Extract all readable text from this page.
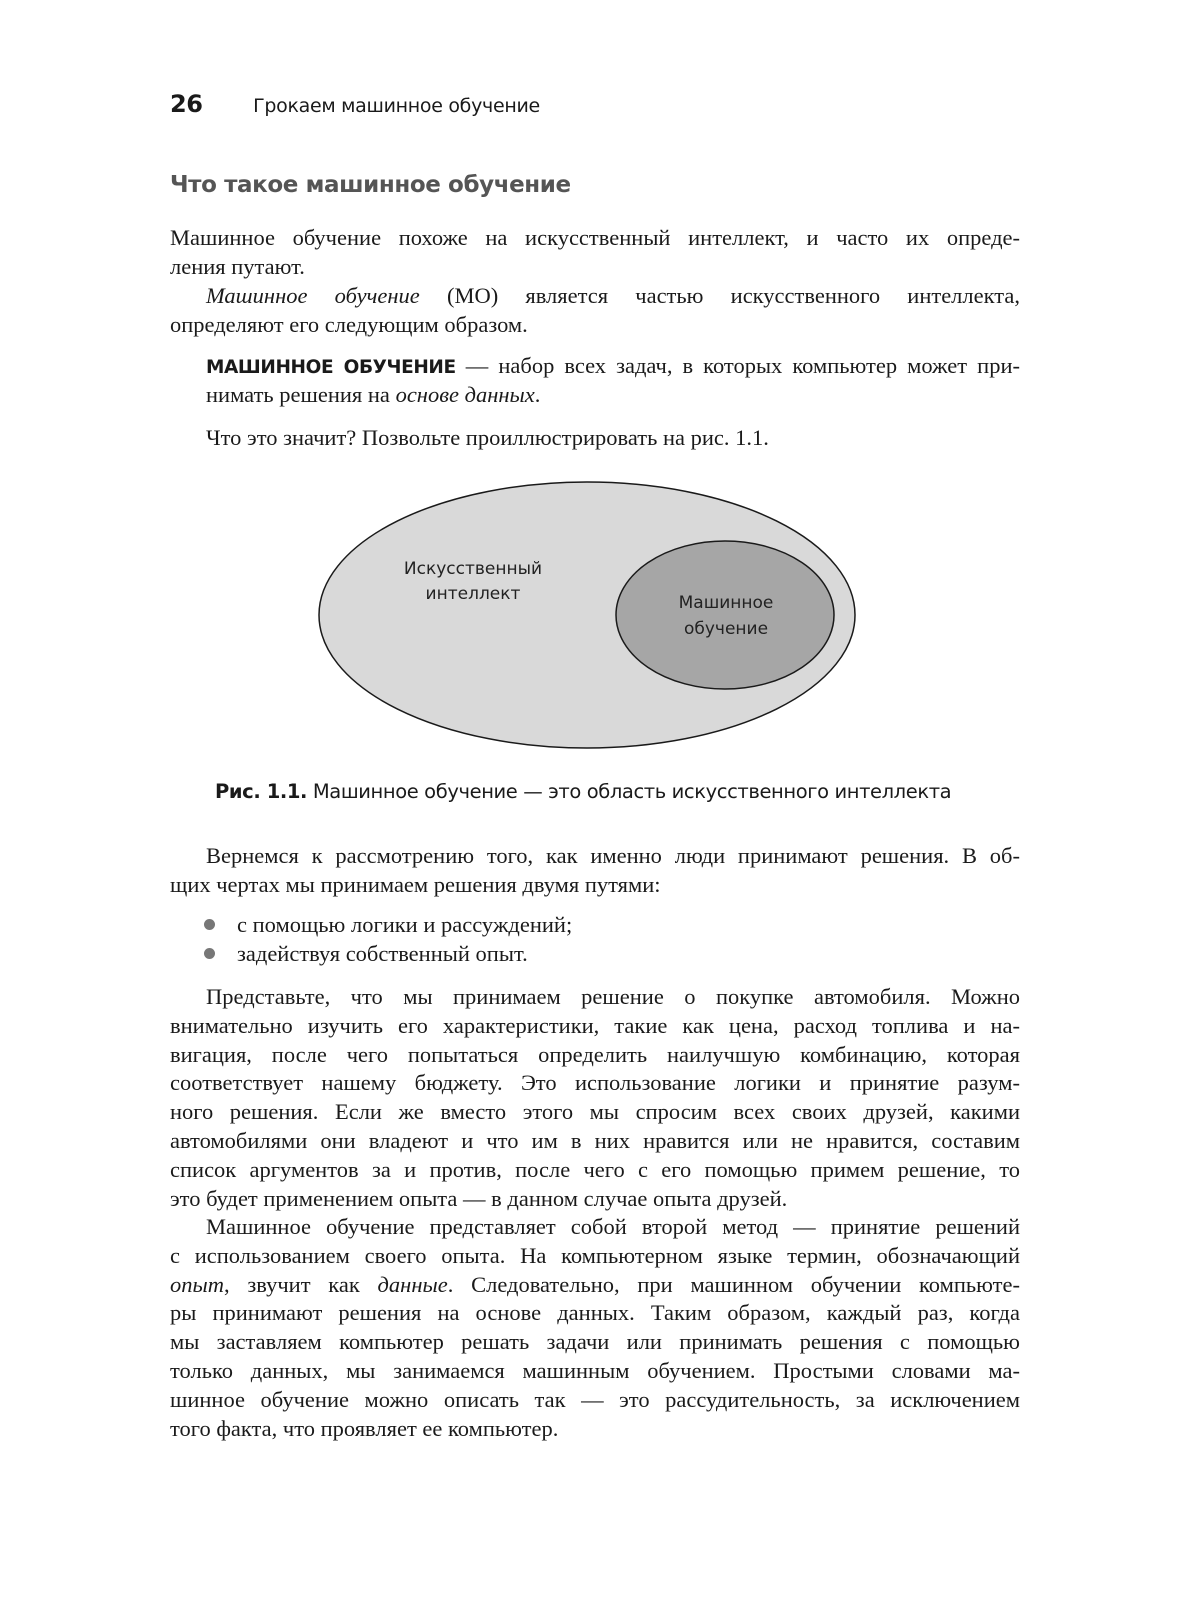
26	Грокаем машинное обучение
Что такое машинное обучение
Машинное обучение похоже на искусственный интеллект, и часто их опреде-
ления путают.
Машинное обучение (МО) является частью искусственного интеллекта,
определяют его следующим образом.
МАШИННОЕ ОБУЧЕНИЕ — набор всех задач, в которых компьютер может при-
нимать решения на основе данных.
Что это значит? Позвольте проиллюстрировать на рис. 1.1.
Искусственный
интеллект	Машинное
обучение
Рис. 1.1. Машинное обучение — это область искусственного интеллекта
Вернемся к рассмотрению того, как именно люди принимают решения. В об-
щих чертах мы принимаем решения двумя путями:
с помощью логики и рассуждений;
задействуя собственный опыт.
Представьте, что мы принимаем решение о покупке автомобиля. Можно
внимательно изучить его характеристики, такие как цена, расход топлива и на-
вигация, после чего попытаться определить наилучшую комбинацию, которая
соответствует нашему бюджету. Это использование логики и принятие разум-
ного решения. Если же вместо этого мы спросим всех своих друзей, какими
автомобилями они владеют и что им в них нравится или не нравится, составим
список аргументов за и против, после чего с его помощью примем решение, то
это будет применением опыта — в данном случае опыта друзей.
Машинное обучение представляет собой второй метод — принятие решений
с использованием своего опыта. На компьютерном языке термин, обозначающий
опыт, звучит как данные. Следовательно, при машинном обучении компьюте-
ры принимают решения на основе данных. Таким образом, каждый раз, когда
мы заставляем компьютер решать задачи или принимать решения с помощью
только данных, мы занимаемся машинным обучением. Простыми словами ма-
шинное обучение можно описать так — это рассудительность, за исключением
того факта, что проявляет ее компьютер.
